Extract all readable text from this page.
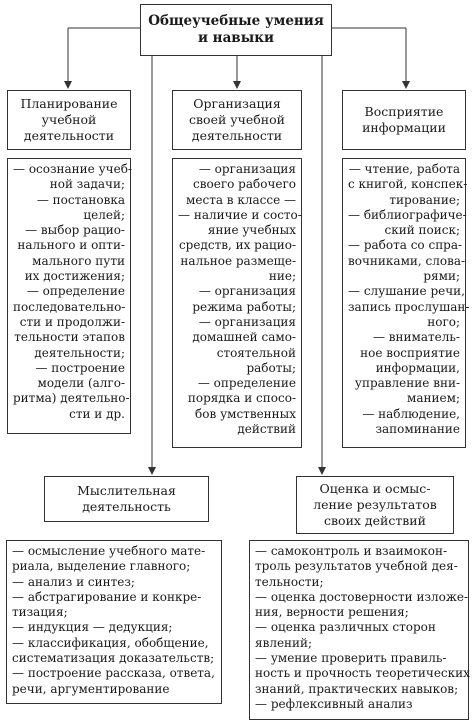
Общеучебные умения
и навыки
Планирование
учебной
деятельности
— осознание учеб-
ной задачи;
— постановка
целей;
— выбор рацио-
нального и опти-
мального пути
их достижения;
— определение
последовательно-
сти и продолжи-
тельности этапов
деятельности;
— построение
модели (алго-
ритма) деятельно-
сти и др.
Организация
своей учебной
деятельности
— организация
своего рабочего
места в классе —
— наличие и состо-
яние учебных
средств, их рацио-
нальное размеще-
ние;
— организация
режима работы;
— организация
домашней само-
стоятельной
работы;
— определение
порядка и спосо-
бов умственных
действий
Восприятие
информации
— чтение, работа
с книгой, конспек-
тирование;
— библиографиче-
ский поиск;
— работа со спра-
вочниками, слова-
рями;
— слушание речи,
запись прослушан-
ного;
— вниматель-
ное восприятие
информации,
управление вни-
манием;
— наблюдение,
запоминание
Мыслительная
деятельность
— осмысление учебного мате-
риала, выделение главного;
— анализ и синтез;
— абстрагирование и конкре-
тизация;
— индукция — дедукция;
— классификация, обобщение,
систематизация доказательств;
— построение рассказа, ответа,
речи, аргументирование
Оценка и осмыс-
ление результатов
своих действий
— самоконтроль и взаимокон-
троль результатов учебной дея-
тельности;
— оценка достоверности изложе-
ния, верности решения;
— оценка различных сторон
явлений;
— умение проверить правиль-
ность и прочность теоретических
знаний, практических навыков;
— рефлексивный анализ
